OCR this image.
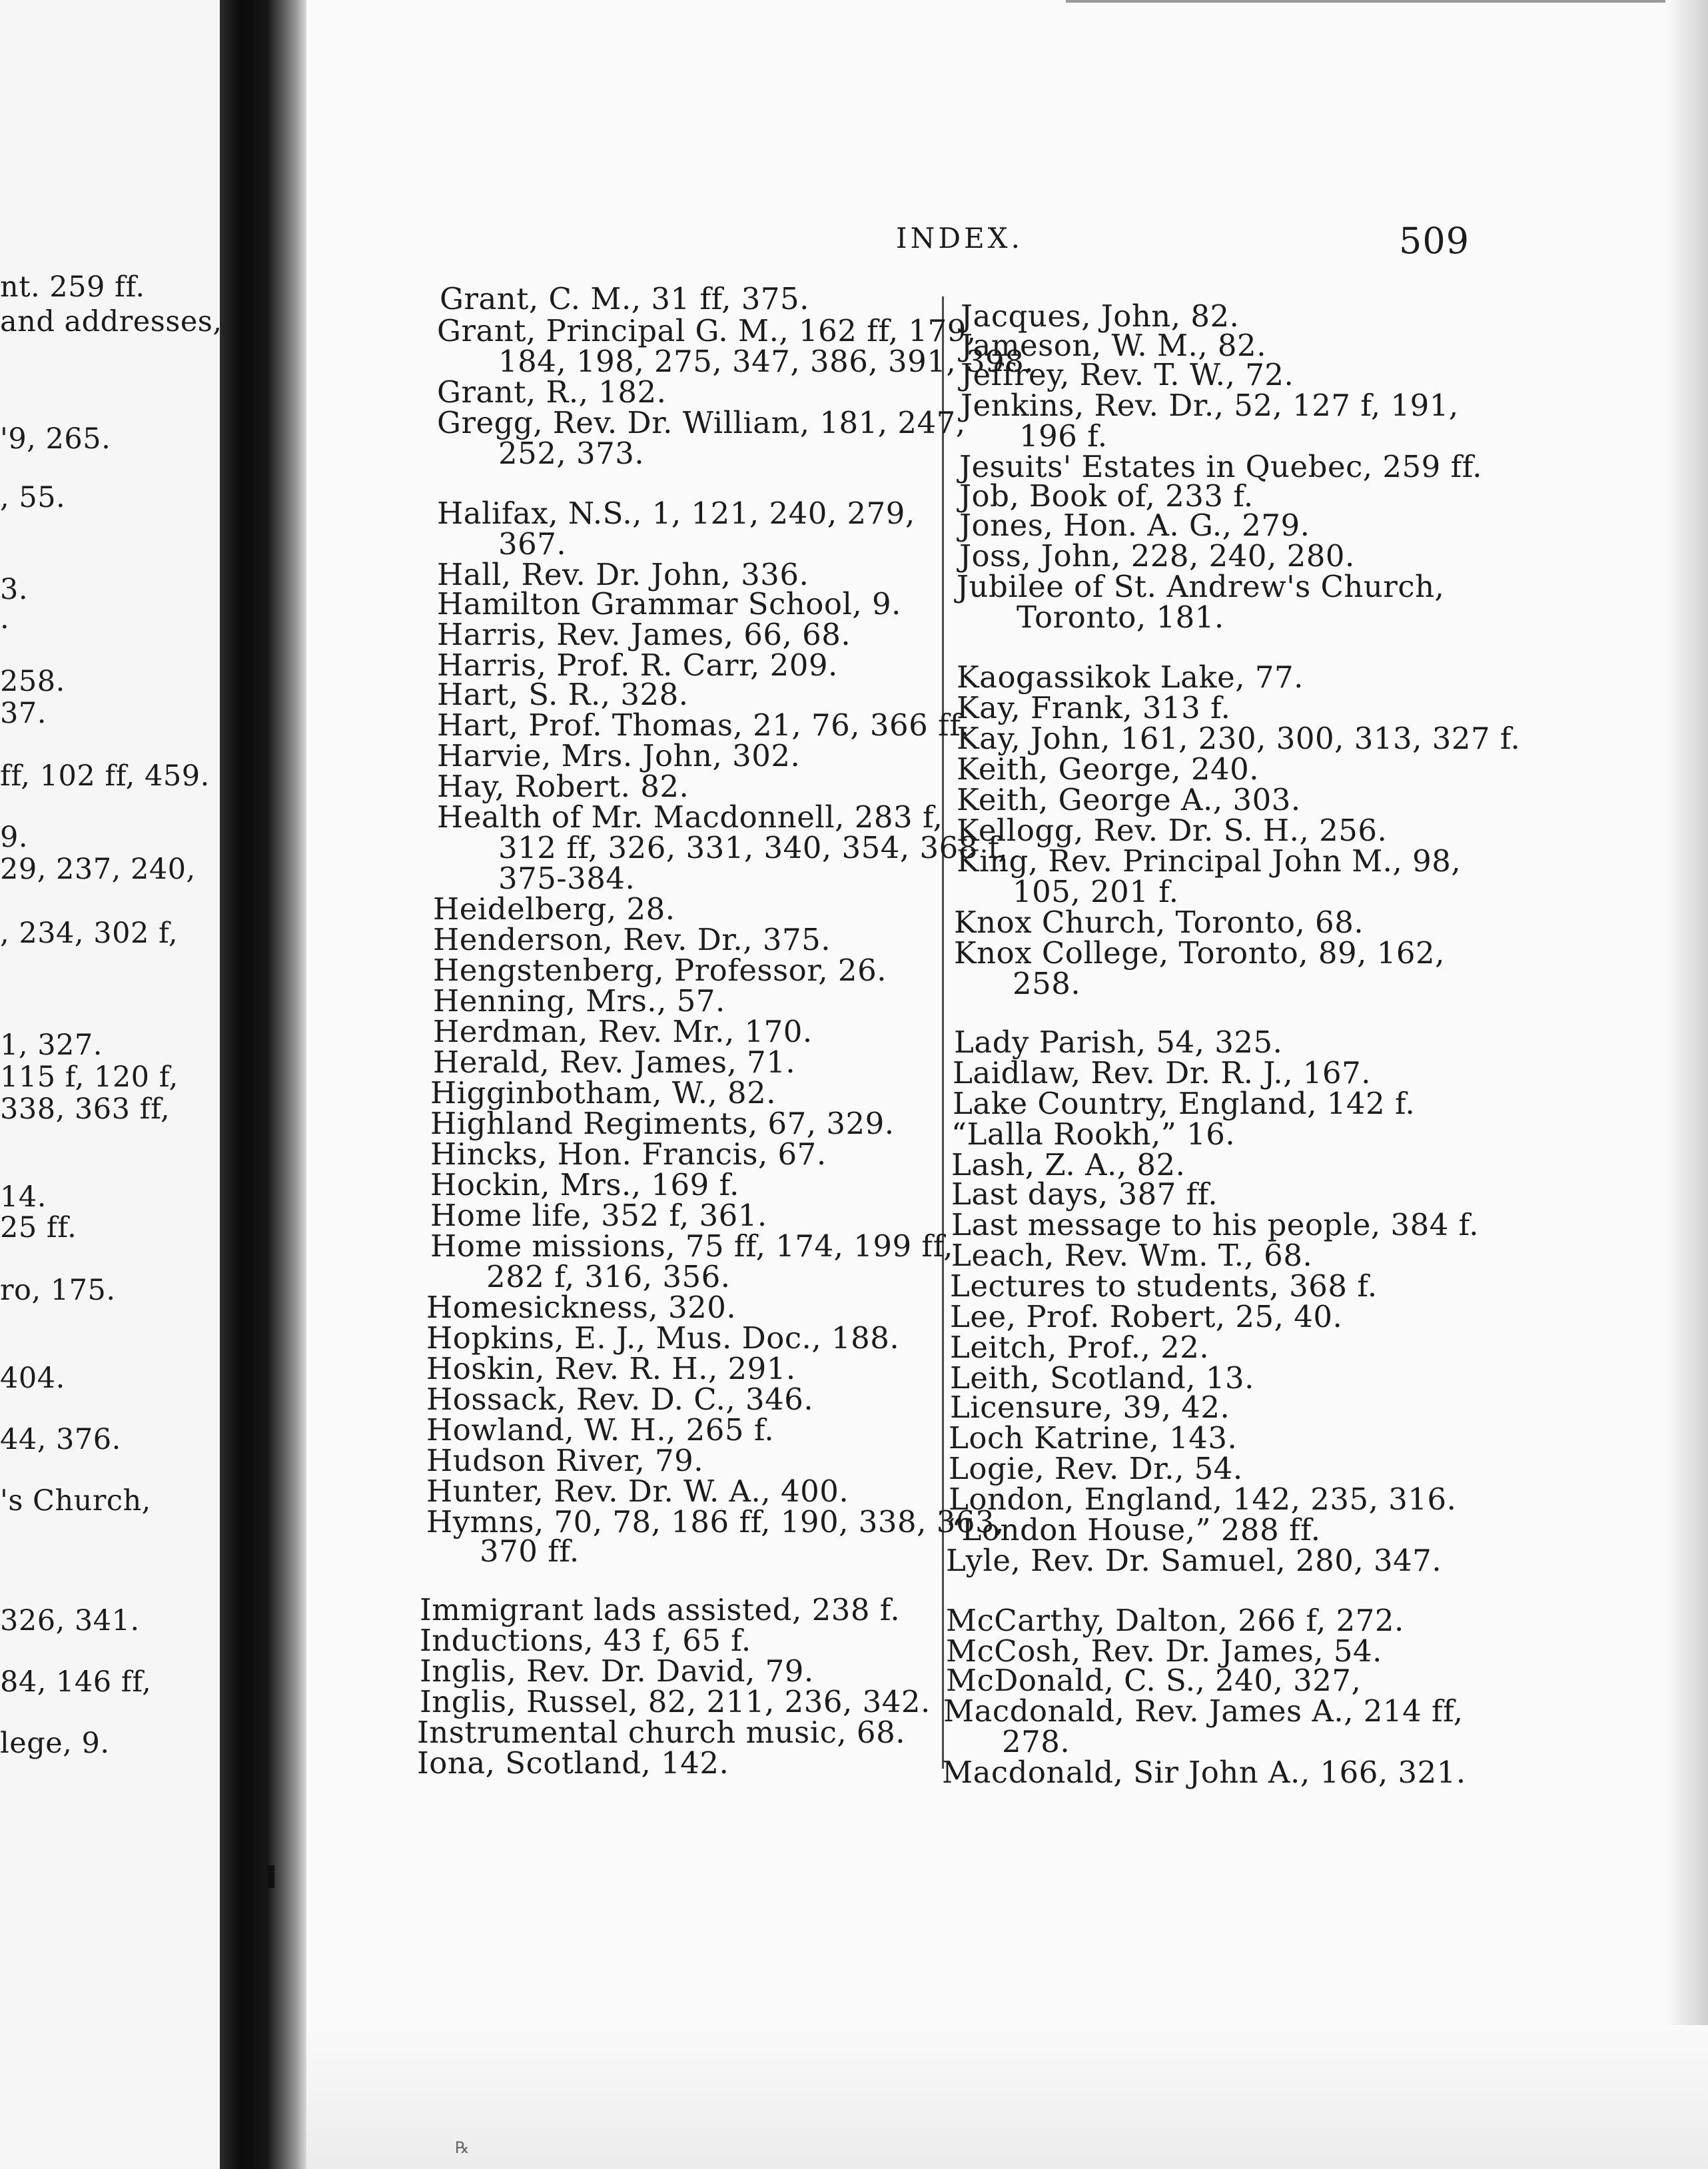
INDEX.	509

℞

nt. 259 ff.

and addresses,

'9, 265.

, 55.

3.

.

258.

37.

ff, 102 ff, 459.

9.

29, 237, 240,

, 234, 302 f,

1, 327.

115 f, 120 f,

338, 363 ff,

14.

25 ff.

ro, 175.

404.

44, 376.

's Church,

326, 341.

84, 146 ff,

lege, 9.

Grant, C. M., 31 ff, 375.

Grant, Principal G. M., 162 ff, 179,

184, 198, 275, 347, 386, 391, 398.

Grant, R., 182.

Gregg, Rev. Dr. William, 181, 247,

252, 373.

Halifax, N.S., 1, 121, 240, 279,

367.

Hall, Rev. Dr. John, 336.

Hamilton Grammar School, 9.

Harris, Rev. James, 66, 68.

Harris, Prof. R. Carr, 209.

Hart, S. R., 328.

Hart, Prof. Thomas, 21, 76, 366 ff.

Harvie, Mrs. John, 302.

Hay, Robert. 82.

Health of Mr. Macdonnell, 283 f,

312 ff, 326, 331, 340, 354, 368 f,

375-384.

Heidelberg, 28.

Henderson, Rev. Dr., 375.

Hengstenberg, Professor, 26.

Henning, Mrs., 57.

Herdman, Rev. Mr., 170.

Herald, Rev. James, 71.

Higginbotham, W., 82.

Highland Regiments, 67, 329.

Hincks, Hon. Francis, 67.

Hockin, Mrs., 169 f.

Home life, 352 f, 361.

Home missions, 75 ff, 174, 199 ff,

282 f, 316, 356.

Homesickness, 320.

Hopkins, E. J., Mus. Doc., 188.

Hoskin, Rev. R. H., 291.

Hossack, Rev. D. C., 346.

Howland, W. H., 265 f.

Hudson River, 79.

Hunter, Rev. Dr. W. A., 400.

Hymns, 70, 78, 186 ff, 190, 338, 363,

370 ff.

Immigrant lads assisted, 238 f.

Inductions, 43 f, 65 f.

Inglis, Rev. Dr. David, 79.

Inglis, Russel, 82, 211, 236, 342.

Instrumental church music, 68.

Iona, Scotland, 142.

Jacques, John, 82.

Jameson, W. M., 82.

Jeffrey, Rev. T. W., 72.

Jenkins, Rev. Dr., 52, 127 f, 191,

196 f.

Jesuits' Estates in Quebec, 259 ff.

Job, Book of, 233 f.

Jones, Hon. A. G., 279.

Joss, John, 228, 240, 280.

Jubilee of St. Andrew's Church,

Toronto, 181.

Kaogassikok Lake, 77.

Kay, Frank, 313 f.

Kay, John, 161, 230, 300, 313, 327 f.

Keith, George, 240.

Keith, George A., 303.

Kellogg, Rev. Dr. S. H., 256.

King, Rev. Principal John M., 98,

105, 201 f.

Knox Church, Toronto, 68.

Knox College, Toronto, 89, 162,

258.

Lady Parish, 54, 325.

Laidlaw, Rev. Dr. R. J., 167.

Lake Country, England, 142 f.

“Lalla Rookh,” 16.

Lash, Z. A., 82.

Last days, 387 ff.

Last message to his people, 384 f.

Leach, Rev. Wm. T., 68.

Lectures to students, 368 f.

Lee, Prof. Robert, 25, 40.

Leitch, Prof., 22.

Leith, Scotland, 13.

Licensure, 39, 42.

Loch Katrine, 143.

Logie, Rev. Dr., 54.

London, England, 142, 235, 316.

“London House,” 288 ff.

Lyle, Rev. Dr. Samuel, 280, 347.

McCarthy, Dalton, 266 f, 272.

McCosh, Rev. Dr. James, 54.

McDonald, C. S., 240, 327,

Macdonald, Rev. James A., 214 ff,

278.

Macdonald, Sir John A., 166, 321.
